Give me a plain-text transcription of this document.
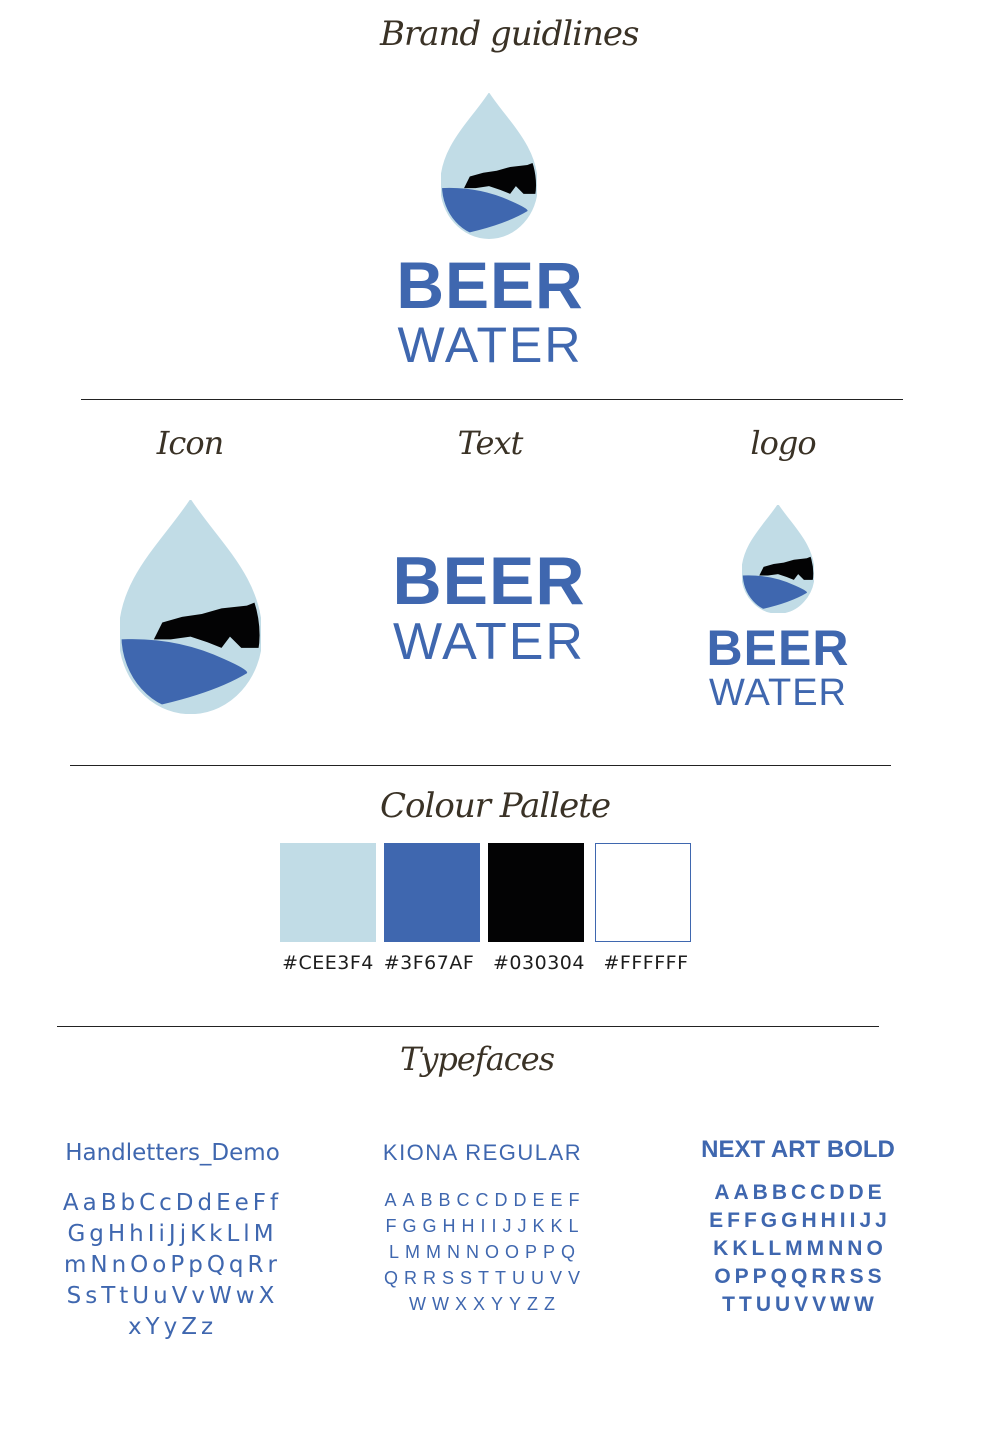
Brand guidlines
BEER
WATER
Icon	Text	logo
BEER
WATER BEER
WATER
Colour Pallete
#CEE3F4 #3F67AF #030304 #FFFFFF
Typefaces
Handletters_Demo
AaBbCcDdEeFf
GgHhIiJjKkLlM
mNnOoPpQqRr
SsTtUuVvWwX
xYyZz
KIONA REGULAR
AABBCCDDEEF
FGGHHIIJJKKL
LMMNNOOPPQ
QRRSSTTUUVV
WWXXYYZZ
NEXT ART BOLD
AABBCCDDE
EFFGGHHIIJJ
KKLLMMNNO
OPPQQRRSS
TTUUVVWW
